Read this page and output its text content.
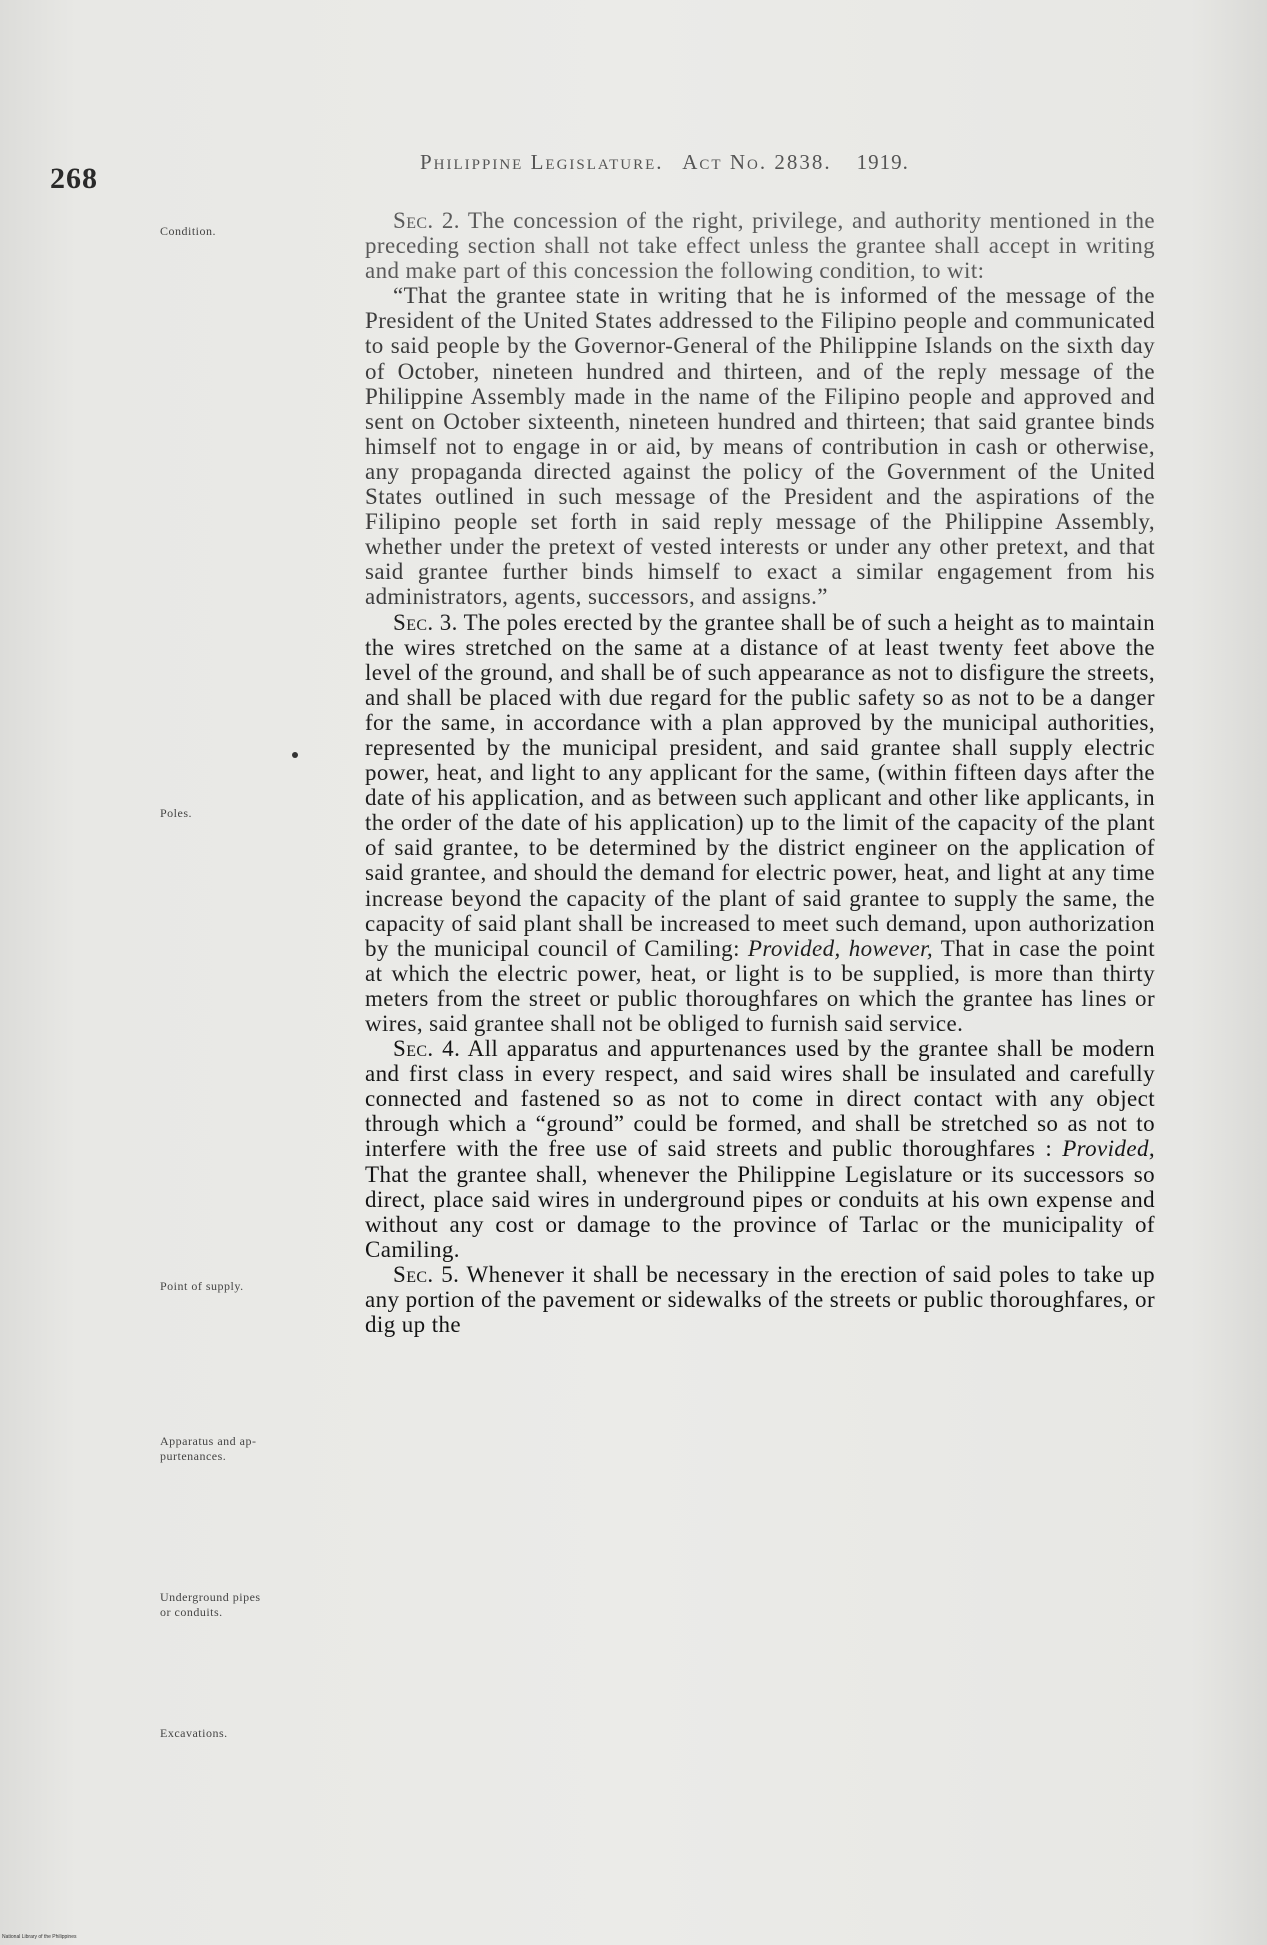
268	Philippine Legislature. Act No. 2838. 1919.
Condition.
Poles.
Point of supply.
Apparatus and ap-
purtenances.
Underground pipes
or conduits.
Excavations.

Sec. 2. The concession of the right, privilege, and authority mentioned in the preceding section shall not take effect unless the grantee shall accept in writing and make part of this concession the following condition, to wit:

“That the grantee state in writing that he is informed of the message of the President of the United States addressed to the Filipino people and communicated to said people by the Governor-General of the Philippine Islands on the sixth day of October, nineteen hundred and thirteen, and of the reply message of the Philippine Assembly made in the name of the Filipino people and approved and sent on October sixteenth, nineteen hundred and thirteen; that said grantee binds himself not to engage in or aid, by means of contribution in cash or otherwise, any propaganda directed against the policy of the Government of the United States outlined in such message of the President and the aspirations of the Filipino people set forth in said reply message of the Philippine Assembly, whether under the pretext of vested interests or under any other pretext, and that said grantee further binds himself to exact a similar engagement from his administrators, agents, successors, and assigns.”

Sec. 3. The poles erected by the grantee shall be of such a height as to maintain the wires stretched on the same at a distance of at least twenty feet above the level of the ground, and shall be of such appearance as not to disfigure the streets, and shall be placed with due regard for the public safety so as not to be a danger for the same, in accordance with a plan approved by the municipal authorities, represented by the municipal president, and said grantee shall supply electric power, heat, and light to any applicant for the same, (within fifteen days after the date of his application, and as between such applicant and other like applicants, in the order of the date of his application) up to the limit of the capacity of the plant of said grantee, to be determined by the district engineer on the application of said grantee, and should the demand for electric power, heat, and light at any time increase beyond the capacity of the plant of said grantee to supply the same, the capacity of said plant shall be increased to meet such demand, upon authorization by the municipal council of Camiling: Provided, however, That in case the point at which the electric power, heat, or light is to be supplied, is more than thirty meters from the street or public thoroughfares on which the grantee has lines or wires, said grantee shall not be obliged to furnish said service.

Sec. 4. All apparatus and appurtenances used by the grantee shall be modern and first class in every respect, and said wires shall be insulated and carefully connected and fastened so as not to come in direct contact with any object through which a “ground” could be formed, and shall be stretched so as not to interfere with the free use of said streets and public thoroughfares : Provided, That the grantee shall, whenever the Philippine Legislature or its successors so direct, place said wires in underground pipes or conduits at his own expense and without any cost or damage to the province of Tarlac or the municipality of Camiling.

Sec. 5. Whenever it shall be necessary in the erection of said poles to take up any portion of the pavement or sidewalks of the streets or public thoroughfares, or dig up the

National Library of the Philippines
